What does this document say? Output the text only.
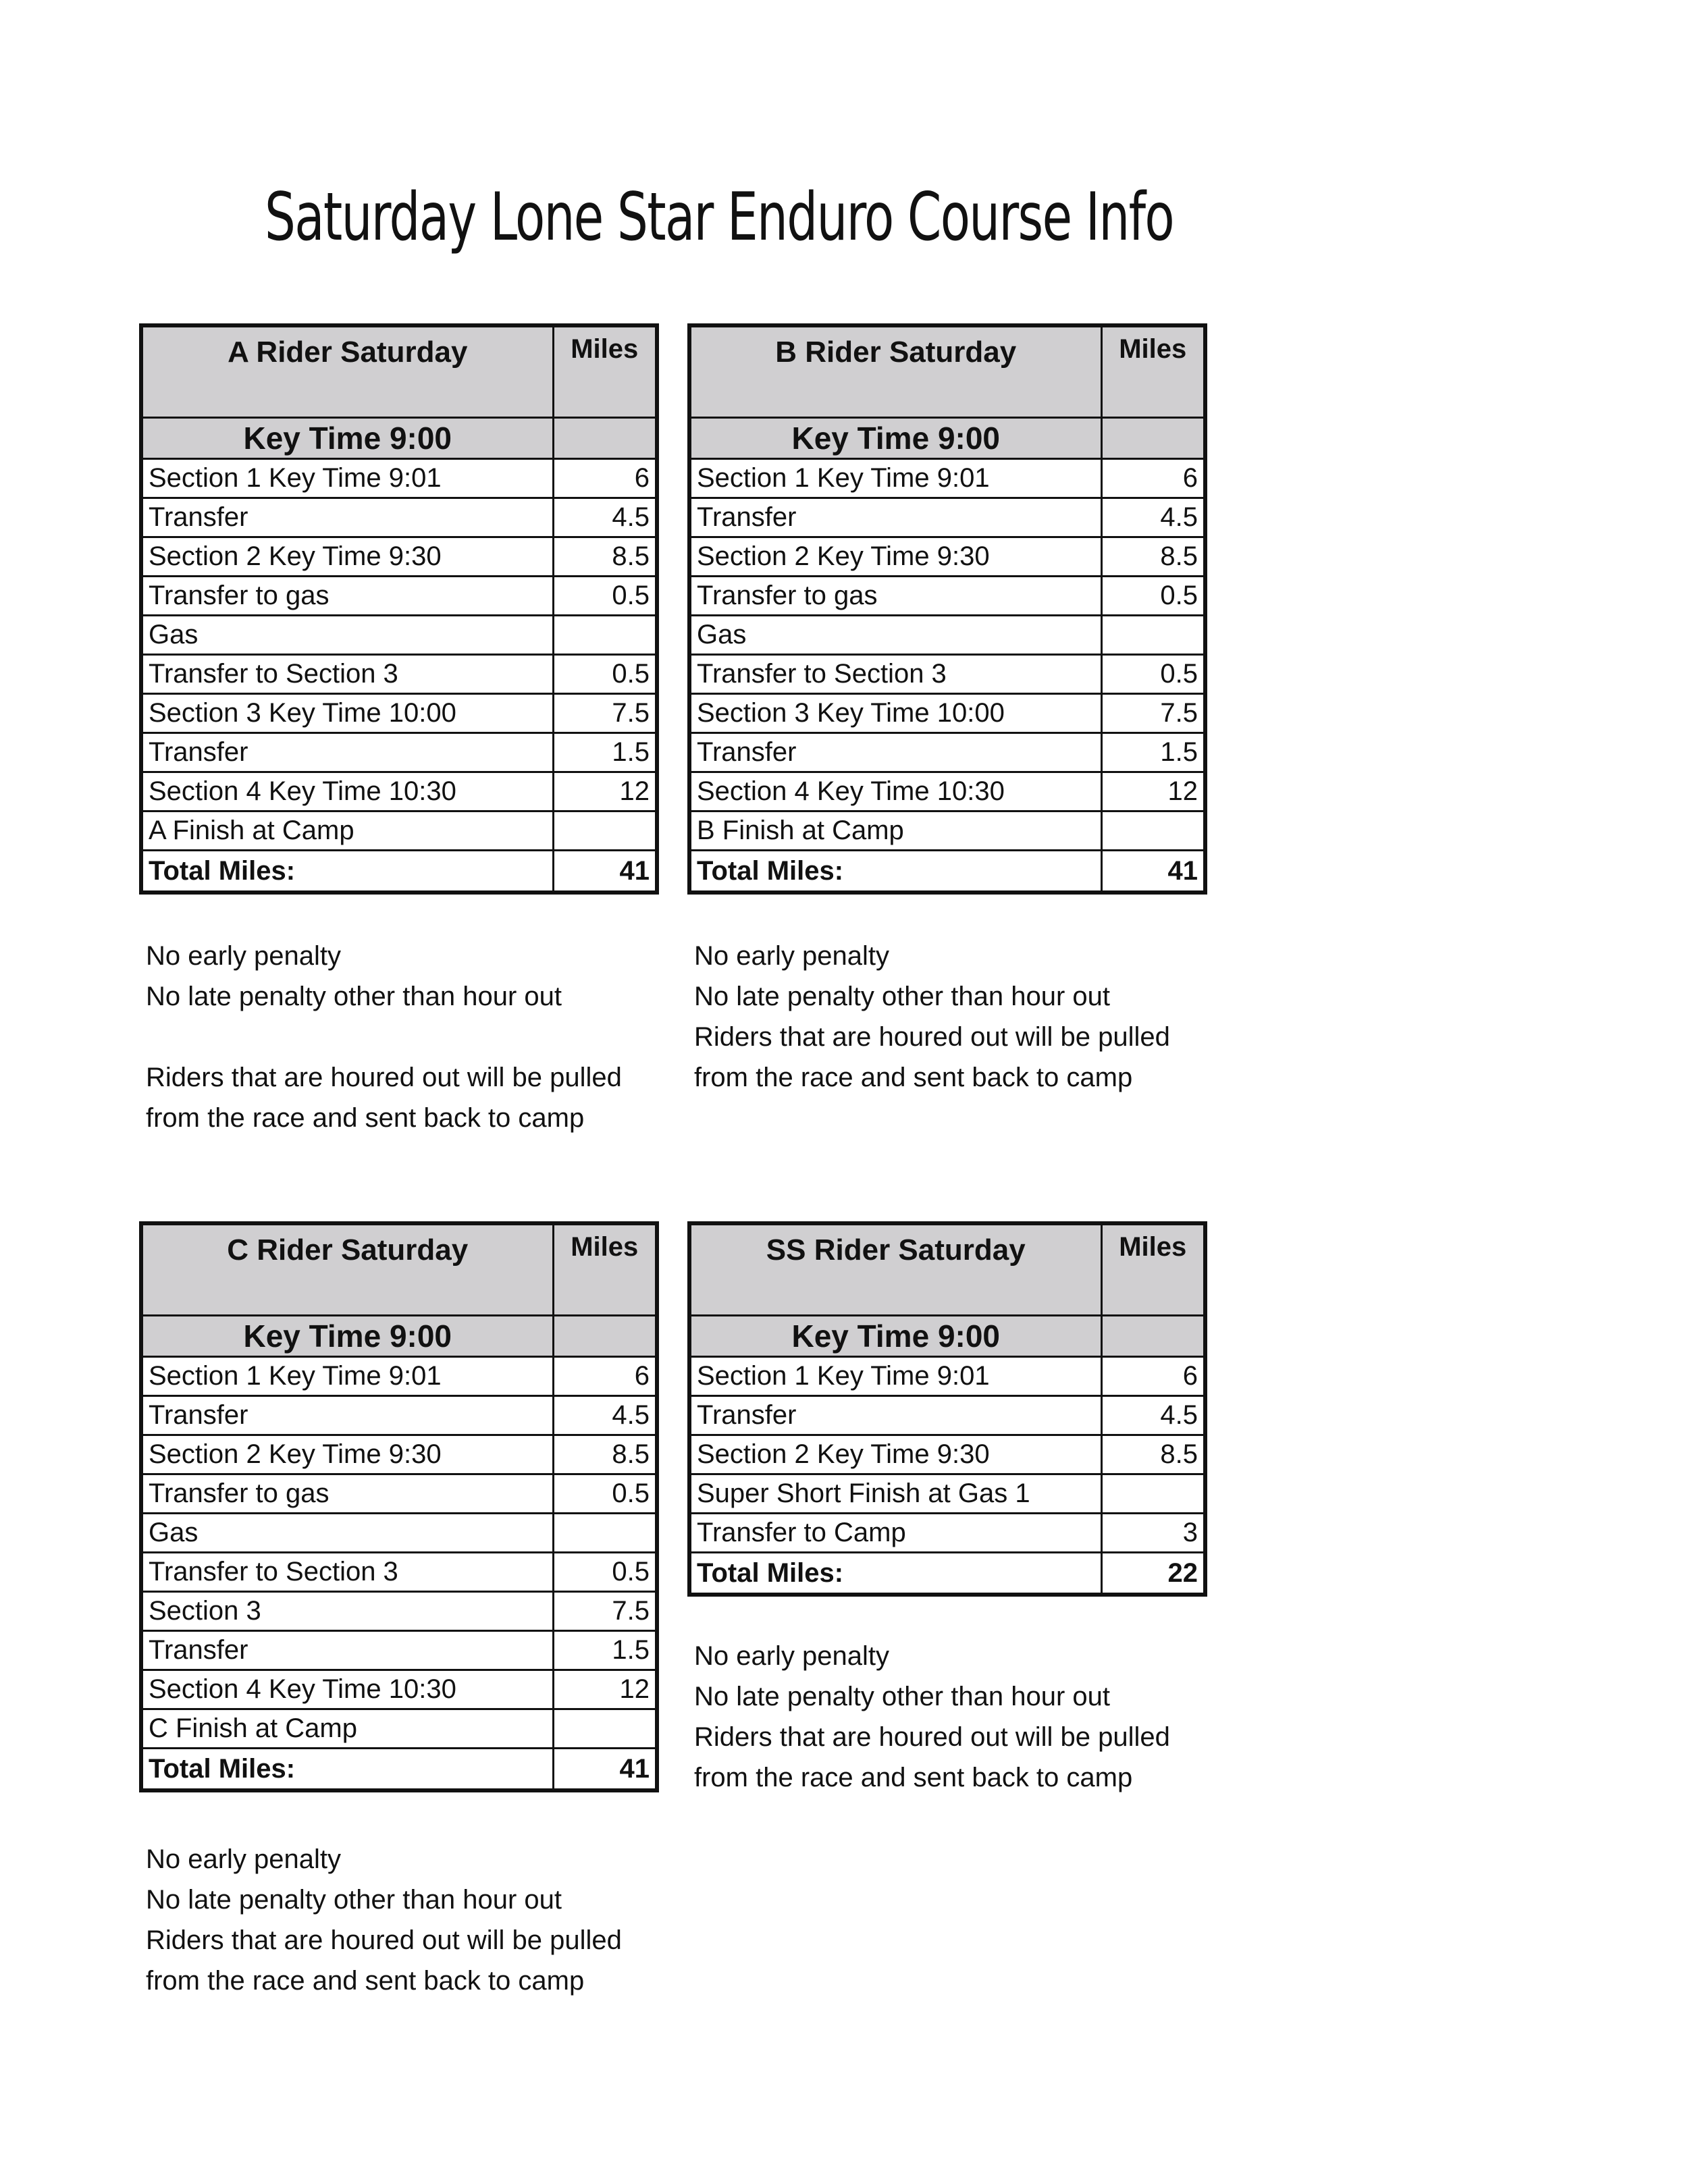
Saturday Lone Star Enduro Course Info
A Rider Saturday	Miles
Key Time 9:00	
Section 1 Key Time 9:01	6
Transfer	4.5
Section 2 Key Time 9:30	8.5
Transfer to gas	0.5
Gas	
Transfer to Section 3	0.5
Section 3 Key Time 10:00	7.5
Transfer	1.5
Section 4 Key Time 10:30	12
A Finish at Camp	
Total Miles:	41
B Rider Saturday	Miles
Key Time 9:00	
Section 1 Key Time 9:01	6
Transfer	4.5
Section 2 Key Time 9:30	8.5
Transfer to gas	0.5
Gas	
Transfer to Section 3	0.5
Section 3 Key Time 10:00	7.5
Transfer	1.5
Section 4 Key Time 10:30	12
B Finish at Camp	
Total Miles:	41
No early penalty
No late penalty other than hour out
Riders that are houred out will be pulled
from the race and sent back to camp
No early penalty
No late penalty other than hour out
Riders that are houred out will be pulled
from the race and sent back to camp
C Rider Saturday	Miles
Key Time 9:00	
Section 1 Key Time 9:01	6
Transfer	4.5
Section 2 Key Time 9:30	8.5
Transfer to gas	0.5
Gas	
Transfer to Section 3	0.5
Section 3	7.5
Transfer	1.5
Section 4 Key Time 10:30	12
C Finish at Camp	
Total Miles:	41
SS Rider Saturday	Miles
Key Time 9:00	
Section 1 Key Time 9:01	6
Transfer	4.5
Section 2 Key Time 9:30	8.5
Super Short Finish at Gas 1	
Transfer to Camp	3
Total Miles:	22
No early penalty
No late penalty other than hour out
Riders that are houred out will be pulled
from the race and sent back to camp
No early penalty
No late penalty other than hour out
Riders that are houred out will be pulled
from the race and sent back to camp
